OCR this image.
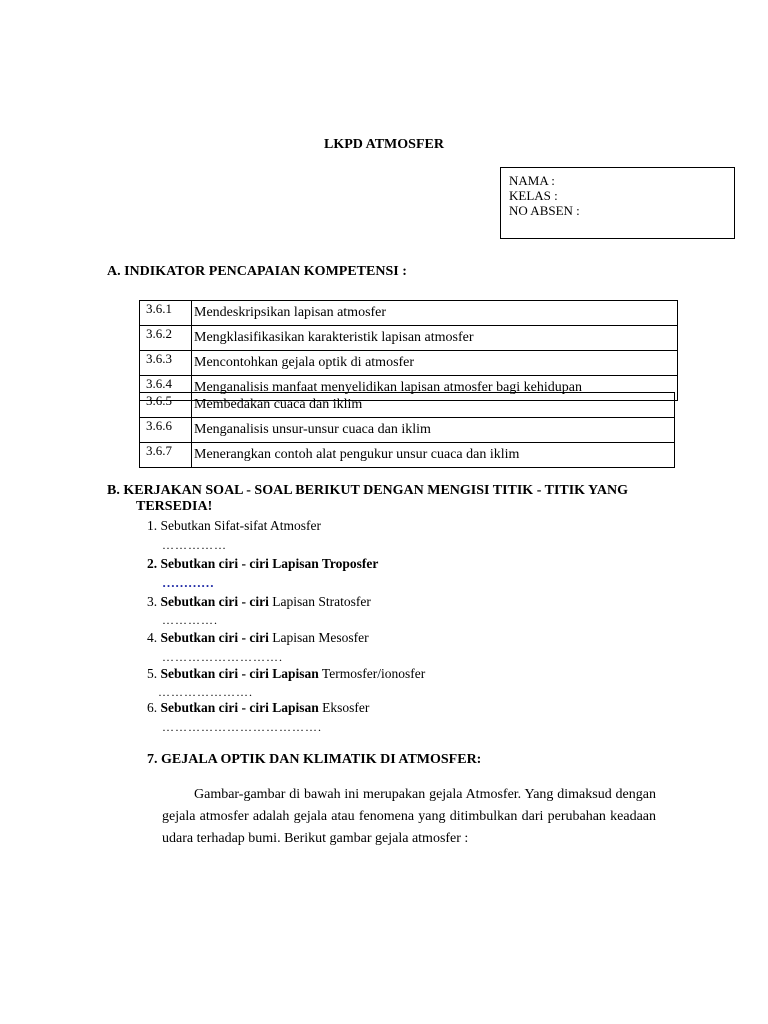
LKPD ATMOSFER
NAMA :
KELAS :
NO ABSEN :
A. INDIKATOR PENCAPAIAN KOMPETENSI :
3.6.1	Mendeskripsikan lapisan atmosfer
3.6.2	Mengklasifikasikan karakteristik lapisan atmosfer
3.6.3	Mencontohkan gejala optik di atmosfer
3.6.4	Menganalisis manfaat menyelidikan lapisan atmosfer bagi kehidupan
3.6.5	Membedakan cuaca dan iklim
3.6.6	Menganalisis unsur-unsur cuaca dan iklim
3.6.7	Menerangkan contoh alat pengukur unsur cuaca dan iklim
B. KERJAKAN SOAL - SOAL BERIKUT DENGAN MENGISI TITIK - TITIK YANG
TERSEDIA!
1. Sebutkan Sifat-sifat Atmosfer
……………
2. Sebutkan ciri - ciri Lapisan Troposfer
…………
3. Sebutkan ciri - ciri Lapisan Stratosfer
………….
4. Sebutkan ciri - ciri Lapisan Mesosfer
……………………….
5. Sebutkan ciri - ciri Lapisan Termosfer/ionosfer
………………….
6. Sebutkan ciri - ciri Lapisan Eksosfer
……………………………….
7. GEJALA OPTIK DAN KLIMATIK DI ATMOSFER:
Gambar-gambar di bawah ini merupakan gejala Atmosfer. Yang dimaksud dengan gejala atmosfer adalah gejala atau fenomena yang ditimbulkan dari perubahan keadaan udara terhadap bumi. Berikut gambar gejala atmosfer :
